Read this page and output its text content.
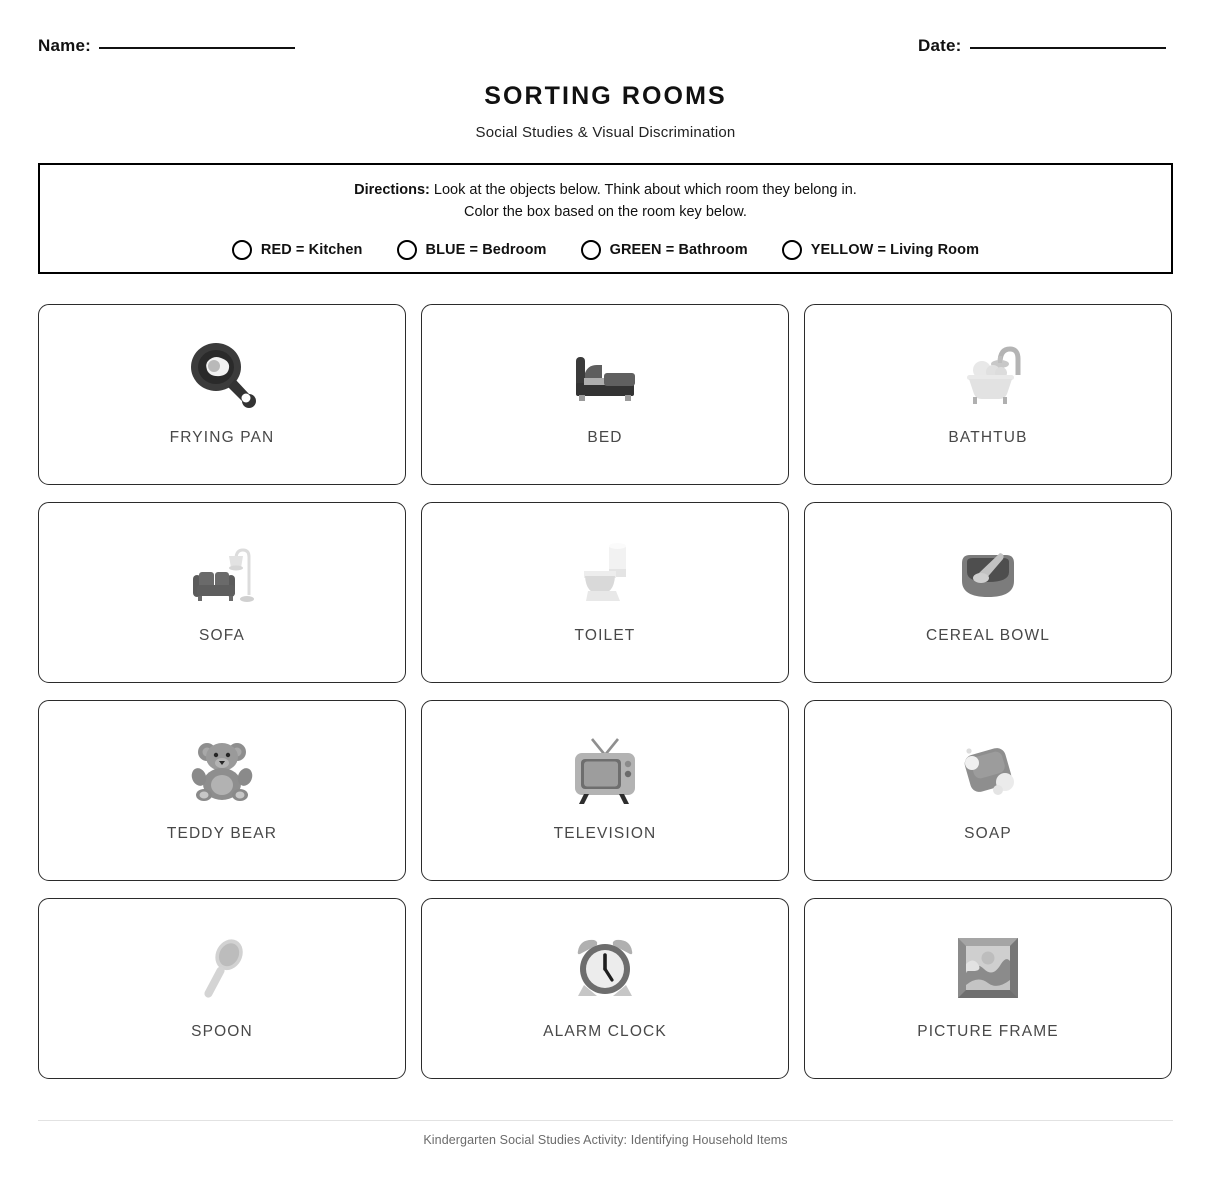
Name:	Date:
SORTING ROOMS
Social Studies & Visual Discrimination
Directions: Look at the objects below. Think about which room they belong in.
Color the box based on the room key below.
RED = Kitchen	BLUE = Bedroom	GREEN = Bathroom	YELLOW = Living Room
FRYING PAN	BED	BATHTUB
SOFA	TOILET	CEREAL BOWL
TEDDY BEAR	TELEVISION	SOAP
SPOON	ALARM CLOCK	PICTURE FRAME
Kindergarten Social Studies Activity: Identifying Household Items
